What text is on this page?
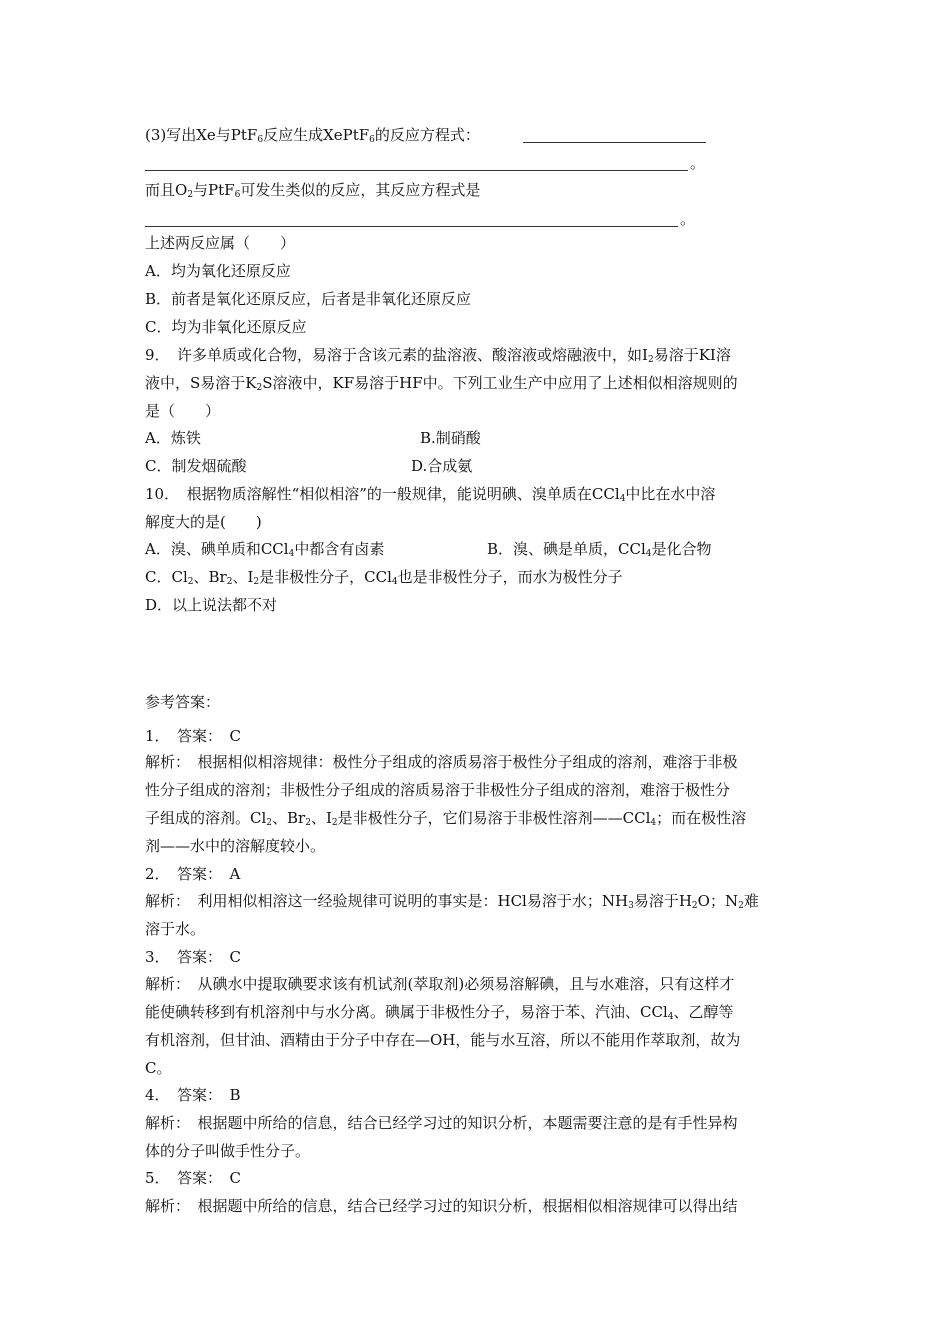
(3)写出Xe与PtF$_6$反应生成XePtF$_6$的反应方程式：
。
而且$O_2$与PtF$_6$可发生类似的反应，其反应方程式是
。
上述两反应属（　　）
A．均为氧化还原反应
B．前者是氧化还原反应，后者是非氧化还原反应
C．均为非氧化还原反应
9．　许多单质或化合物，易溶于含该元素的盐溶液、酸溶液或熔融液中，如$I_2$易溶于KI溶
液中，S易溶于$K_2S$溶液中，KF易溶于HF中。下列工业生产中应用了上述相似相溶规则的
是（　　）
A．炼铁	B.制硝酸
C．制发烟硫酸	D.合成氨
10．　根据物质溶解性“相似相溶”的一般规律，能说明碘、溴单质在CCl$_4$中比在水中溶
解度大的是(　　)
A．溴、碘单质和CCl$_4$中都含有卤素	B．溴、碘是单质，CCl$_4$是化合物
C．$Cl_2$、$Br_2$、$I_2$是非极性分子，CCl$_4$也是非极性分子，而水为极性分子
D．以上说法都不对
参考答案：
1．　答案：　C
解析：　根据相似相溶规律：极性分子组成的溶质易溶于极性分子组成的溶剂，难溶于非极
性分子组成的溶剂；非极性分子组成的溶质易溶于非极性分子组成的溶剂，难溶于极性分
子组成的溶剂。$Cl_2$、$Br_2$、$I_2$是非极性分子，它们易溶于非极性溶剂——CCl$_4$；而在极性溶
剂——水中的溶解度较小。
2．　答案：　A
解析：　利用相似相溶这一经验规律可说明的事实是：HCl易溶于水；$NH_3$易溶于$H_2O$；$N_2$难
溶于水。
3．　答案：　C
解析：　从碘水中提取碘要求该有机试剂(萃取剂)必须易溶解碘，且与水难溶，只有这样才
能使碘转移到有机溶剂中与水分离。碘属于非极性分子，易溶于苯、汽油、CCl$_4$、乙醇等
有机溶剂，但甘油、酒精由于分子中存在—OH，能与水互溶，所以不能用作萃取剂，故为
C。
4．　答案：　B
解析：　根据题中所给的信息，结合已经学习过的知识分析，本题需要注意的是有手性异构
体的分子叫做手性分子。
5．　答案：　C
解析：　根据题中所给的信息，结合已经学习过的知识分析，根据相似相溶规律可以得出结
